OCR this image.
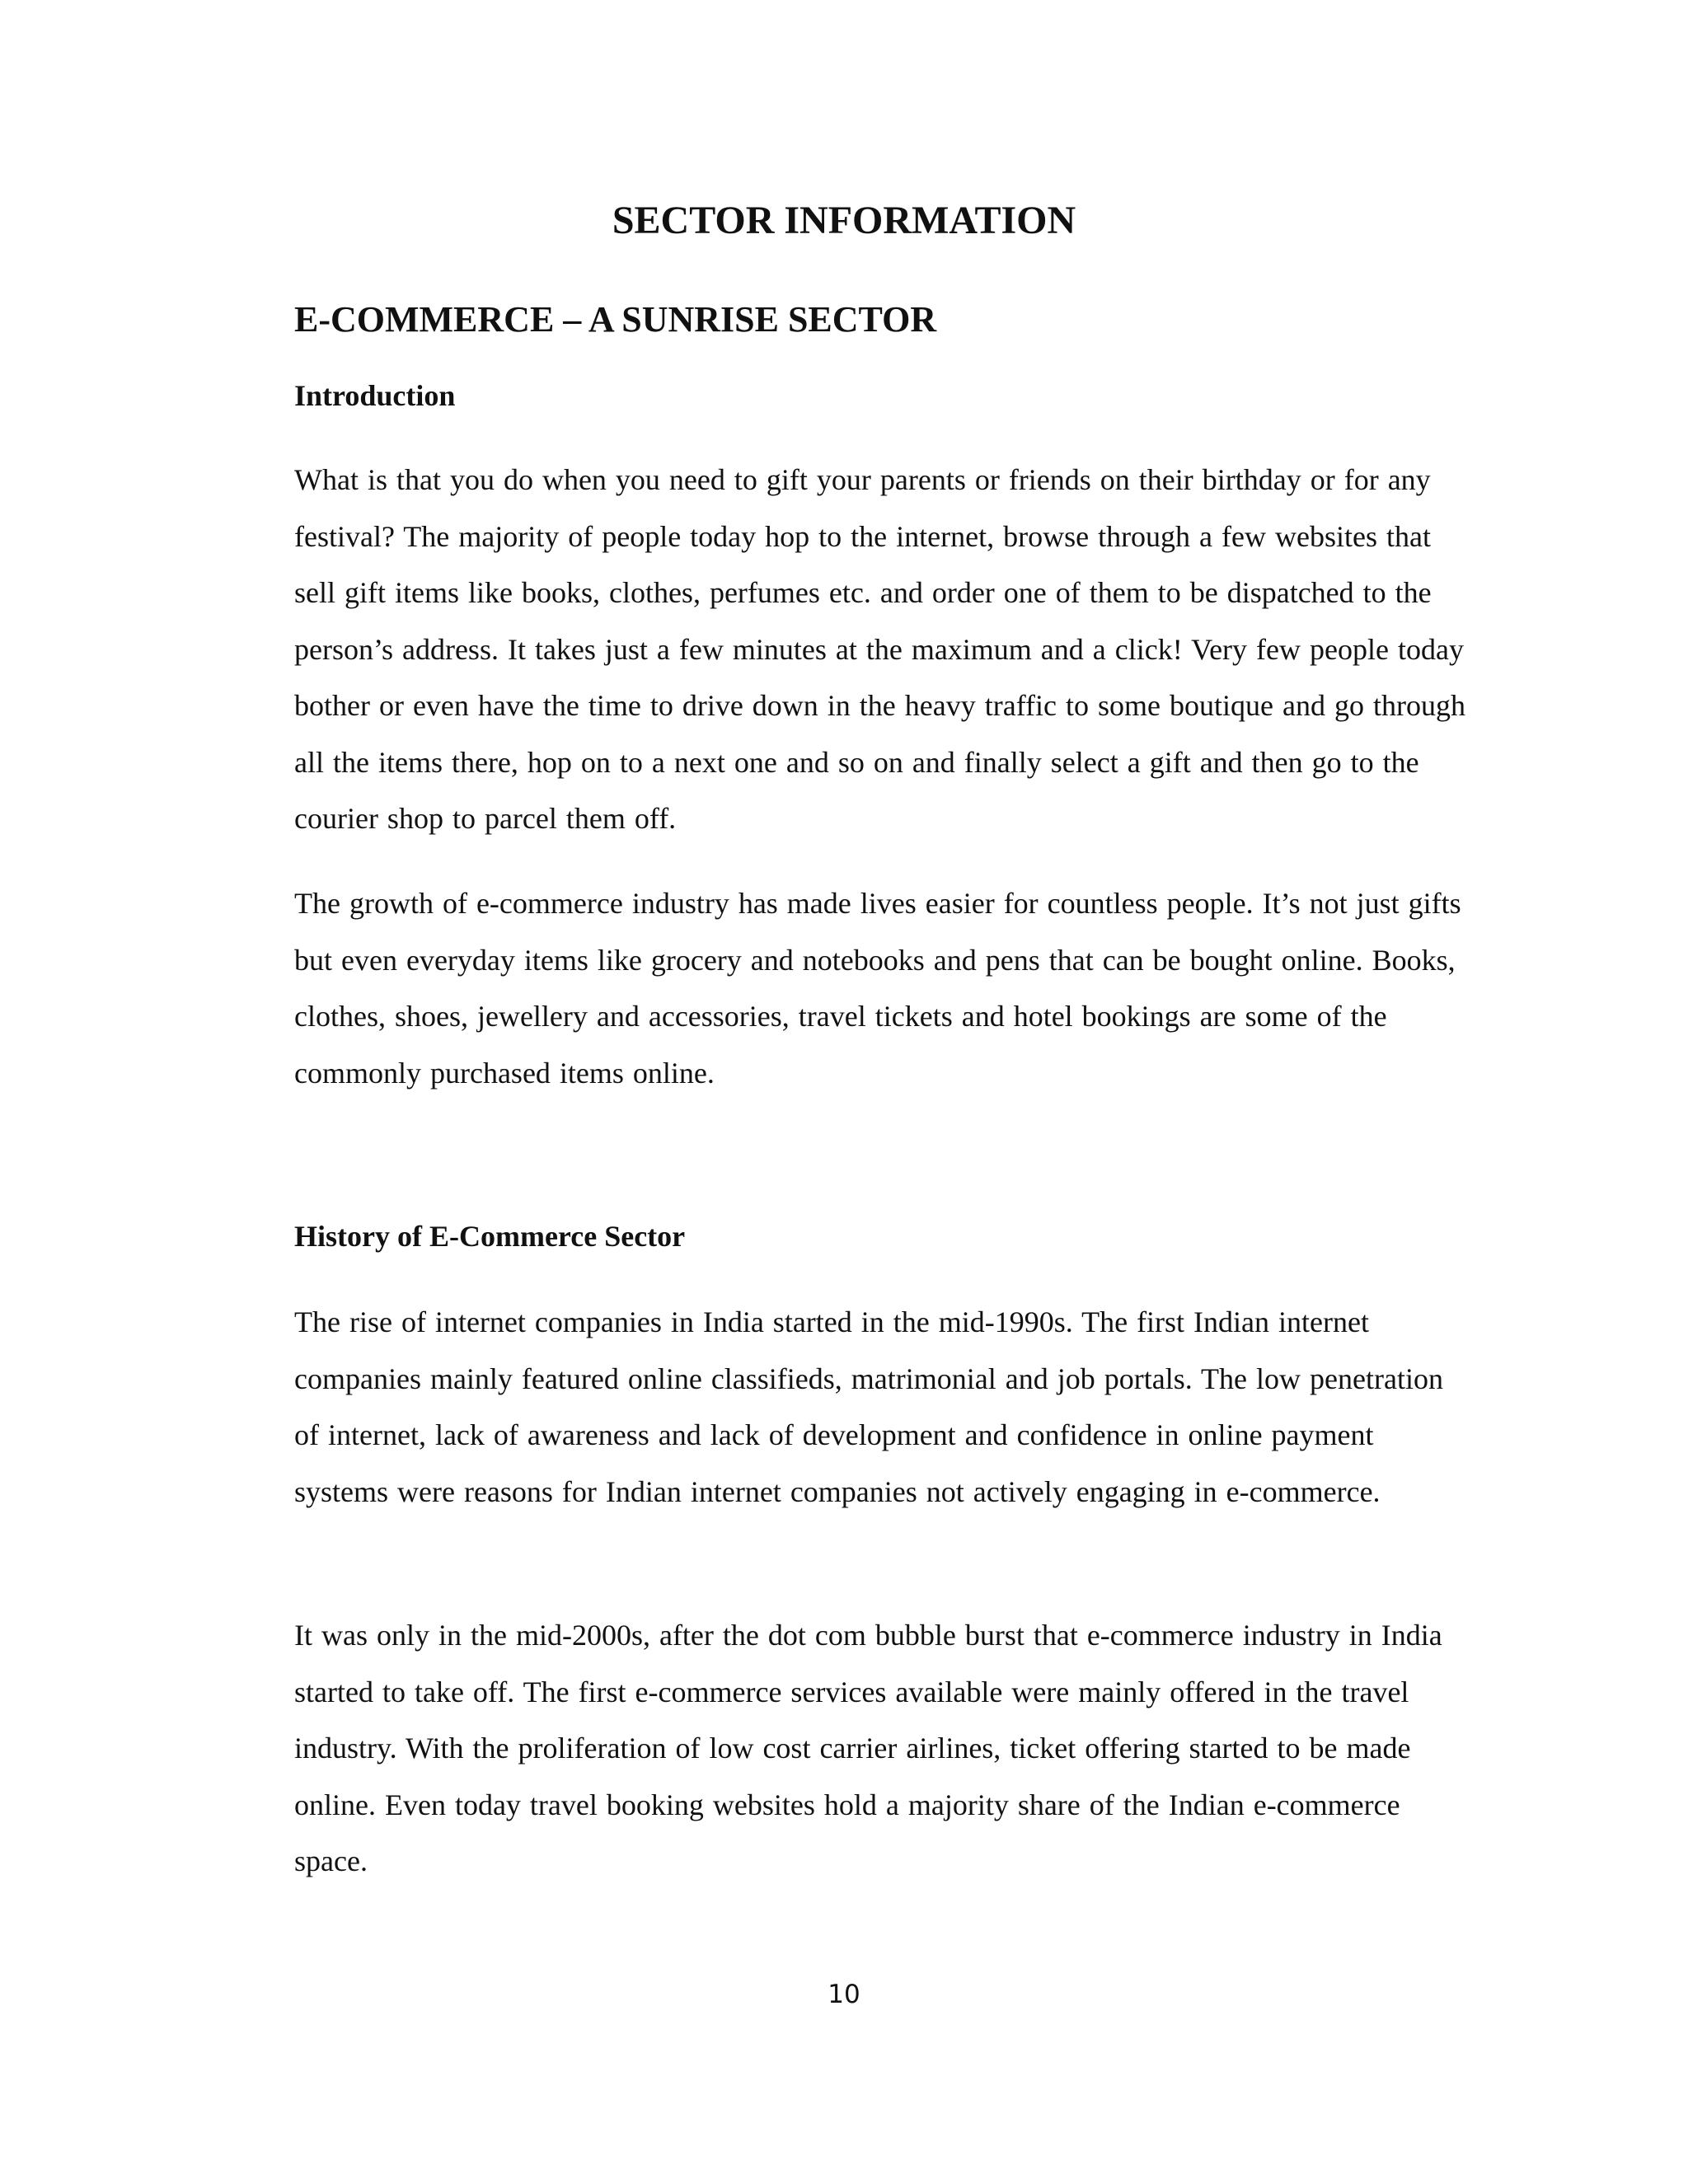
SECTOR INFORMATION
E-COMMERCE – A SUNRISE SECTOR
Introduction

What is that you do when you need to gift your parents or friends on their birthday or for any festival? The majority of people today hop to the internet, browse through a few websites that sell gift items like books, clothes, perfumes etc. and order one of them to be dispatched to the person’s address. It takes just a few minutes at the maximum and a click! Very few people today bother or even have the time to drive down in the heavy traffic to some boutique and go through all the items there, hop on to a next one and so on and finally select a gift and then go to the courier shop to parcel them off.

The growth of e-commerce industry has made lives easier for countless people. It’s not just gifts but even everyday items like grocery and notebooks and pens that can be bought online. Books, clothes, shoes, jewellery and accessories, travel tickets and hotel bookings are some of the commonly purchased items online.

History of E-Commerce Sector

The rise of internet companies in India started in the mid-1990s. The first Indian internet companies mainly featured online classifieds, matrimonial and job portals. The low penetration of internet, lack of awareness and lack of development and confidence in online payment systems were reasons for Indian internet companies not actively engaging in e-commerce.

It was only in the mid-2000s, after the dot com bubble burst that e-commerce industry in India started to take off. The first e-commerce services available were mainly offered in the travel industry. With the proliferation of low cost carrier airlines, ticket offering started to be made online. Even today travel booking websites hold a majority share of the Indian e-commerce space.

10
